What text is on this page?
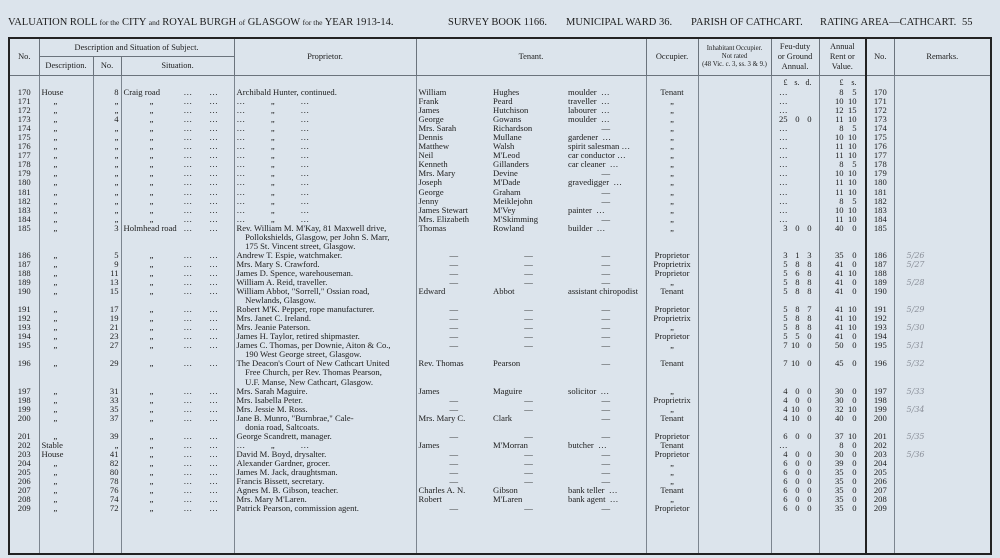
VALUATION ROLL for the CITY and ROYAL BURGH of GLASGOW for the YEAR 1913-14.

	SURVEY BOOK 1166.

MUNICIPAL WARD 36.

PARISH OF CATHCART.

RATING AREA—CATHCART.

55

No.	Description and Situation of Subject.			Proprietor.	Tenant.			Occupier.	Inhabitant Occupier.
Not rated
(48 Vic. c. 3, ss. 3 & 9.)	Feu-duty
or Ground
Annual.	Annual
Rent or
Value.	No.	Remarks.
	Description.	No.	Situation.										
										£ s. d.	£ s.		
170	House	8	Craig road …        …	Archibald Hunter, continued.	William	Hughes	moulder  …	Tenant		…	8 5	170	
171	„	„	„ …        …	…            „            …	Frank	Peard	traveller  …	„		…	10 10	171	
172	„	„	„ …        …	…            „            …	James	Hutchison	labourer  …	„		…	12 15	172	
173	„	4	„ …        …	…            „            …	George	Gowans	moulder  …	„		25 0 0	11 10	173	
174	„	„	„ …        …	…            „            …	Mrs. Sarah	Richardson	—	„		…	8 5	174	
175	„	„	„ …        …	…            „            …	Dennis	Mullane	gardener  …	„		…	10 10	175	
176	„	„	„ …        …	…            „            …	Matthew	Walsh	spirit salesman …	„		…	11 10	176	
177	„	„	„ …        …	…            „            …	Neil	M'Leod	car conductor …	„		…	11 10	177	
178	„	„	„ …        …	…            „            …	Kenneth	Gillanders	car cleaner  …	„		…	8 5	178	
179	„	„	„ …        …	…            „            …	Mrs. Mary	Devine	—	„		…	10 10	179	
180	„	„	„ …        …	…            „            …	Joseph	M'Dade	gravedigger  …	„		…	11 10	180	
181	„	„	„ …        …	…            „            …	George	Graham	—	„		…	11 10	181	
182	„	„	„ …        …	…            „            …	Jenny	Meiklejohn	—	„		…	8 5	182	
183	„	„	„ …        …	…            „            …	James Stewart	M'Vey	painter  …	„		…	10 10	183	
184	„	„	„ …        …	…            „            …	Mrs. Elizabeth	M'Skimming	—	„		…	11 10	184	
185	„	3	Holmhead road …        …	Rev. William M. M'Kay, 81 Maxwell drive,
Pollokshields, Glasgow, per John S. Marr,
175 St. Vincent street, Glasgow.	Thomas	Rowland	builder  …	„		3 0 0	40 0	185	
186	„	5	„ …        …	Andrew T. Espie, watchmaker.	—	—	—	Proprietor		3 1 3	35 0	186	5/26
187	„	9	„ …        …	Mrs. Mary S. Crawford.	—	—	—	Proprietrix		5 8 8	41 0	187	5/27
188	„	11	„ …        …	James D. Spence, warehouseman.	—	—	—	Proprietor		5 6 8	41 10	188	
189	„	13	„ …        …	William A. Reid, traveller.	—	—	—	„		5 8 8	41 0	189	5/28
190	„	15	„ …        …	William Abbot, "Sorrell," Ossian road,
Newlands, Glasgow.	Edward	Abbot	assistant chiropodist	Tenant		5 8 8	41 0	190	
191	„	17	„ …        …	Robert M'K. Pepper, rope manufacturer.	—	—	—	Proprietor		5 8 7	41 10	191	5/29
192	„	19	„ …        …	Mrs. Janet C. Ireland.	—	—	—	Proprietrix		5 8 8	41 10	192	
193	„	21	„ …        …	Mrs. Jeanie Paterson.	—	—	—	„		5 8 8	41 10	193	5/30
194	„	23	„ …        …	James H. Taylor, retired shipmaster.	—	—	—	Proprietor		5 5 0	41 0	194	
195	„	27	„ …        …	James C. Thomas, per Downie, Aiton & Co.,
190 West George street, Glasgow.	—	—	—	„		7 10 0	50 0	195	5/31
196	„	29	„ …        …	The Deacon's Court of New Cathcart United
Free Church, per Rev. Thomas Pearson,
U.F. Manse, New Cathcart, Glasgow.	Rev. Thomas	Pearson	—	Tenant		7 10 0	45 0	196	5/32
197	„	31	„ …        …	Mrs. Sarah Maguire.	James	Maguire	solicitor  …	„		4 0 0	30 0	197	5/33
198	„	33	„ …        …	Mrs. Isabella Peter.	—	—	—	Proprietrix		4 0 0	30 0	198	
199	„	35	„ …        …	Mrs. Jessie M. Ross.	—	—	—	„		4 10 0	32 10	199	5/34
200	„	37	„ …        …	Jane B. Munro, "Burnbrae," Cale-
donia road, Saltcoats.	Mrs. Mary C.	Clark	—	Tenant		4 10 0	40 0	200	
201	„	39	„ …        …	George Scandrett, manager.	—	—	—	Proprietor		6 0 0	37 10	201	5/35
202	Stable	„	„ …        …	…            „            …	James	M'Morran	butcher  …	Tenant		…	8 0	202	
203	House	41	„ …        …	David M. Boyd, drysalter.	—	—	—	Proprietor		4 0 0	30 0	203	5/36
204	„	82	„ …        …	Alexander Gardner, grocer.	—	—	—	„		6 0 0	39 0	204	
205	„	80	„ …        …	James M. Jack, draughtsman.	—	—	—	„		6 0 0	35 0	205	
206	„	78	„ …        …	Francis Bissett, secretary.	—	—	—	„		6 0 0	35 0	206	
207	„	76	„ …        …	Agnes M. B. Gibson, teacher.	Charles A. N.	Gibson	bank teller  …	Tenant		6 0 0	35 0	207	
208	„	74	„ …        …	Mrs. Mary M'Laren.	Robert	M'Laren	bank agent  …	„		6 0 0	35 0	208	
209	„	72	„ …        …	Patrick Pearson, commission agent.	—	—	—	Proprietor		6 0 0	35 0	209	
